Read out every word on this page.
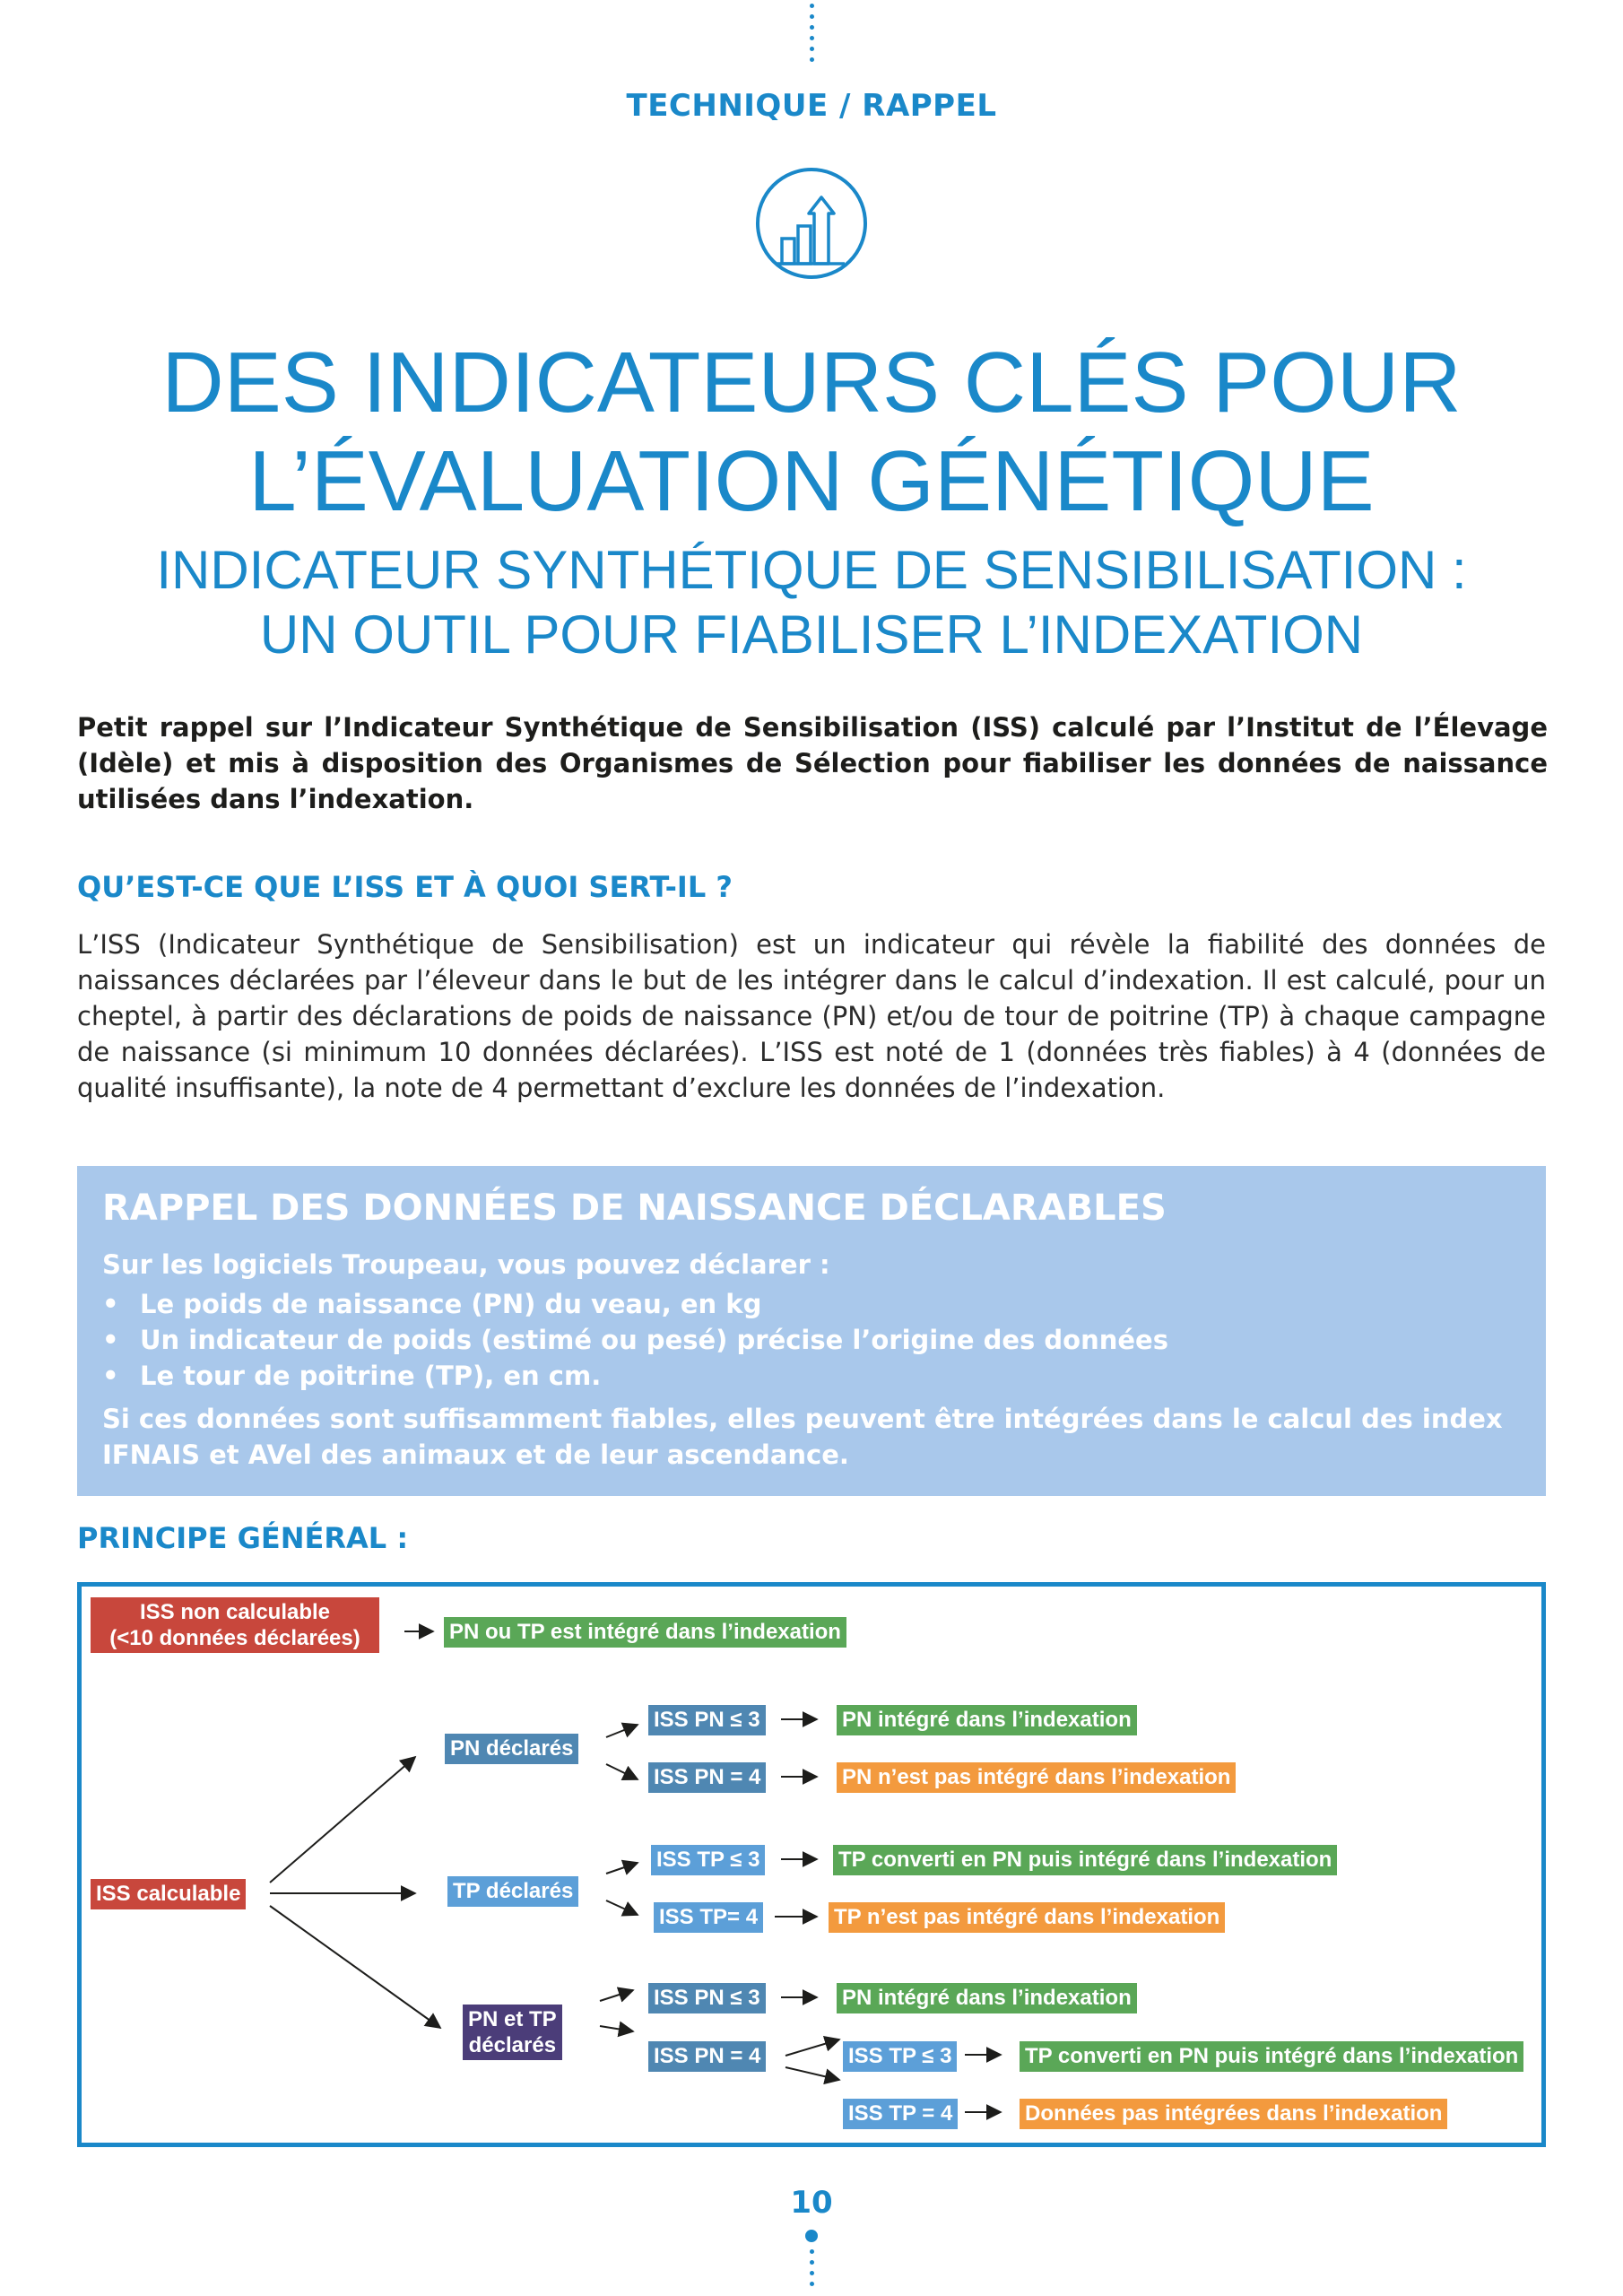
TECHNIQUE / RAPPEL
DES INDICATEURS CLÉS POUR
L’ÉVALUATION GÉNÉTIQUE
INDICATEUR SYNTHÉTIQUE DE SENSIBILISATION :
UN OUTIL POUR FIABILISER L’INDEXATION
Petit rappel sur l’Indicateur Synthétique de Sensibilisation (ISS) calculé par l’Institut de l’Élevage (Idèle) et mis à disposition des Organismes de Sélection pour fiabiliser les données de naissance utilisées dans l’indexation.
QU’EST-CE QUE L’ISS ET À QUOI SERT-IL ?
L’ISS (Indicateur Synthétique de Sensibilisation) est un indicateur qui révèle la fiabilité des données de naissances déclarées par l’éleveur dans le but de les intégrer dans le calcul d’indexation. Il est calculé, pour un cheptel, à partir des déclarations de poids de naissance (PN) et/ou de tour de poitrine (TP) à chaque campagne de naissance (si minimum 10 données déclarées). L’ISS est noté de 1 (données très fiables) à 4 (données de qualité insuffisante), la note de 4 permettant d’exclure les données de l’indexation.
RAPPEL DES DONNÉES DE NAISSANCE DÉCLARABLES
Sur les logiciels Troupeau, vous pouvez déclarer :
• Le poids de naissance (PN) du veau, en kg
• Un indicateur de poids (estimé ou pesé) précise l’origine des données
• Le tour de poitrine (TP), en cm.
Si ces données sont suffisamment fiables, elles peuvent être intégrées dans le calcul des index IFNAIS et AVel des animaux et de leur ascendance.
PRINCIPE GÉNÉRAL :
ISS non calculable
(<10 données déclarées)	PN ou TP est intégré dans l’indexation
ISS calculable
PN déclarés
TP déclarés
PN et TP
déclarés
ISS PN ≤ 3
ISS PN = 4
ISS TP ≤ 3
ISS TP= 4
ISS PN ≤ 3
ISS PN = 4	ISS TP ≤ 3
ISS TP = 4
PN intégré dans l’indexation
PN n’est pas intégré dans l’indexation
TP converti en PN puis intégré dans l’indexation
TP n’est pas intégré dans l’indexation
PN intégré dans l’indexation
TP converti en PN puis intégré dans l’indexation
Données pas intégrées dans l’indexation
10
